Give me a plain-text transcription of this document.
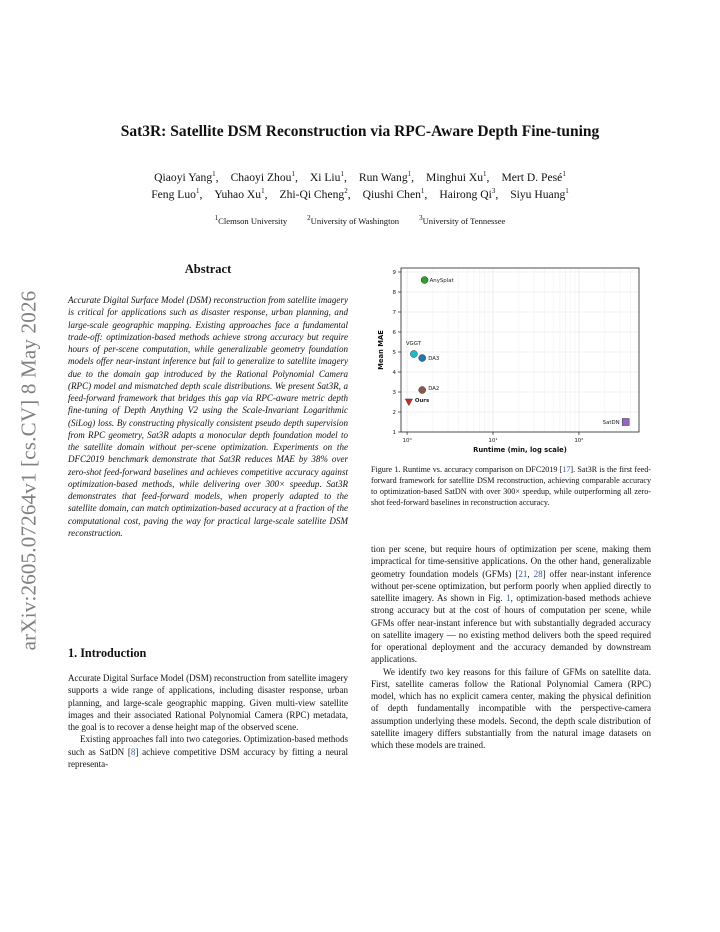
arXiv:2605.07264v1 [cs.CV] 8 May 2026
Sat3R: Satellite DSM Reconstruction via RPC-Aware Depth Fine-tuning
Qiaoyi Yang$^1$, Chaoyi Zhou$^1$, Xi Liu$^1$, Run Wang$^1$, Minghui Xu$^1$, Mert D. Pesé$^1$
Feng Luo$^1$, Yuhao Xu$^1$, Zhi-Qi Cheng$^2$, Qiushi Chen$^1$, Hairong Qi$^3$, Siyu Huang$^1$
$^1$Clemson University	$^2$University of Washington	$^3$University of Tennessee
Abstract

Accurate Digital Surface Model (DSM) reconstruction from satellite imagery is critical for applications such as disaster response, urban planning, and large-scale geographic mapping. Existing approaches face a fundamental trade-off: optimization-based methods achieve strong accuracy but require hours of per-scene computation, while generalizable geometry foundation models offer near-instant inference but fail to generalize to satellite imagery due to the domain gap introduced by the Rational Polynomial Camera (RPC) model and mismatched depth scale distributions. We present Sat3R, a feed-forward framework that bridges this gap via RPC-aware metric depth fine-tuning of Depth Anything V2 using the Scale-Invariant Logarithmic (SiLog) loss. By constructing physically consistent pseudo depth supervision from RPC geometry, Sat3R adapts a monocular depth foundation model to the satellite domain without per-scene optimization. Experiments on the DFC2019 benchmark demonstrate that Sat3R reduces MAE by 38% over zero-shot feed-forward baselines and achieves competitive accuracy against optimization-based methods, while delivering over 300× speedup. Sat3R demonstrates that feed-forward models, when properly adapted to the satellite domain, can match optimization-based accuracy at a fraction of the computational cost, paving the way for practical large-scale satellite DSM reconstruction.

1. Introduction

Accurate Digital Surface Model (DSM) reconstruction from satellite imagery supports a wide range of applications, including disaster response, urban planning, and large-scale geographic mapping. Given multi-view satellite images and their associated Rational Polynomial Camera (RPC) metadata, the goal is to recover a dense height map of the observed scene.

Existing approaches fall into two categories. Optimization-based methods such as SatDN [8] achieve competitive DSM accuracy by fitting a neural representa-

1
2
3
4
5
6
7
8
9
10⁰	10¹	10²
Runtime (min, log scale)
Mean MAE
AnySplat
VGGT
DA3
DA2
Ours
SatDN

Figure 1. Runtime vs. accuracy comparison on DFC2019 [17]. Sat3R is the first feed-forward framework for satellite DSM reconstruction, achieving comparable accuracy to optimization-based SatDN with over 300× speedup, while outperforming all zero-shot feed-forward baselines in reconstruction accuracy.

tion per scene, but require hours of optimization per scene, making them impractical for time-sensitive applications. On the other hand, generalizable geometry foundation models (GFMs) [21, 28] offer near-instant inference without per-scene optimization, but perform poorly when applied directly to satellite imagery. As shown in Fig. 1, optimization-based methods achieve strong accuracy but at the cost of hours of computation per scene, while GFMs offer near-instant inference but with substantially degraded accuracy on satellite imagery — no existing method delivers both the speed required for operational deployment and the accuracy demanded by downstream applications.

We identify two key reasons for this failure of GFMs on satellite data. First, satellite cameras follow the Rational Polynomial Camera (RPC) model, which has no explicit camera center, making the physical definition of depth fundamentally incompatible with the perspective-camera assumption underlying these models. Second, the depth scale distribution of satellite imagery differs substantially from the natural image datasets on which these models are trained.
